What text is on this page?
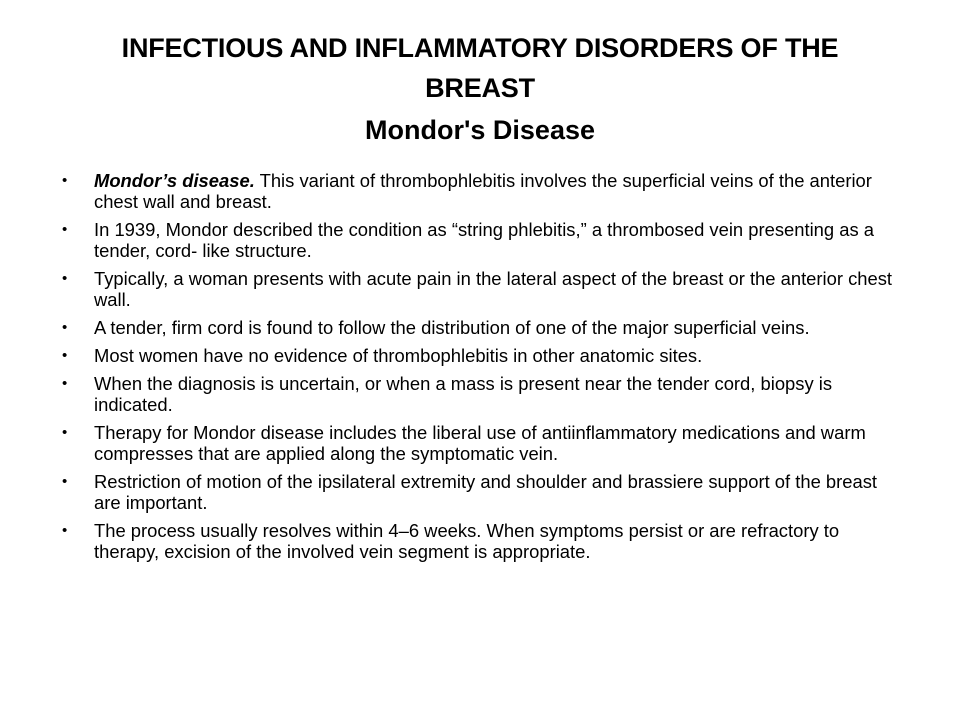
INFECTIOUS AND INFLAMMATORY DISORDERS OF THE
BREAST
Mondor's Disease
•	Mondor’s disease. This variant of thrombophlebitis involves the superficial veins of the anterior chest wall and breast.
•	In 1939, Mondor described the condition as “string phlebitis,” a thrombosed vein presenting as a tender, cord- like structure.
•	Typically, a woman presents with acute pain in the lateral aspect of the breast or the anterior chest wall.
•	A tender, firm cord is found to follow the distribution of one of the major superficial veins.
•	Most women have no evidence of thrombophlebitis in other anatomic sites.
•	When the diagnosis is uncertain, or when a mass is present near the tender cord, biopsy is indicated.
•	Therapy for Mondor disease includes the liberal use of antiinflammatory medications and warm compresses that are applied along the symptomatic vein.
•	Restriction of motion of the ipsilateral extremity and shoulder and brassiere support of the breast are important.
•	The process usually resolves within 4–6 weeks. When symptoms persist or are refractory to therapy, excision of the involved vein segment is appropriate.
